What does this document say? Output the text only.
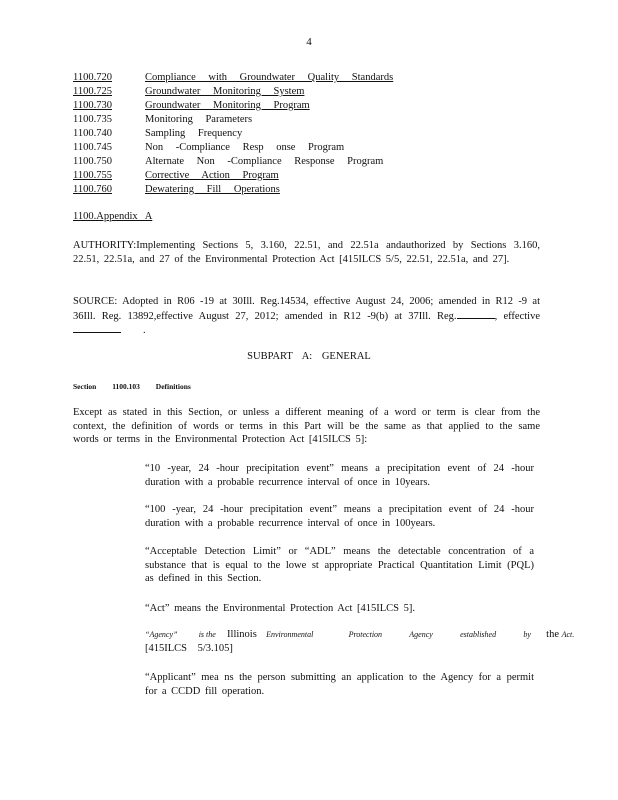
4
1100.720	Compliance with Groundwater Quality Standards
1100.725	Groundwater Monitoring System
1100.730	Groundwater Monitoring Program
1100.735	Monitoring Parameters
1100.740	Sampling Frequency
1100.745	Non -Compliance Resp onse Program
1100.750	Alternate Non -Compliance Response Program
1100.755	Corrective Action Program
1100.760	Dewatering Fill Operations
1100.Appendix A
AUTHORITY:Implementing Sections 5, 3.160, 22.51, and 22.51a andauthorized by Sections 3.160, 22.51, 22.51a, and 27 of the Environmental Protection Act [415ILCS 5/5, 22.51, 22.51a, and 27].
SOURCE: Adopted in R06 -19 at 30Ill. Reg.14534, effective August 24, 2006; amended in R12 -9 at 36Ill. Reg. 13892,effective August 27, 2012; amended in R12 -9(b) at 37Ill. Reg.	, effective.
SUBPART A: GENERAL
Section 1100.103 Definitions
Except as stated in this Section, or unless a different meaning of a word or term is clear from the context, the definition of words or terms in this Part will be the same as that applied to the same words or terms in the Environmental Protection Act [415ILCS 5]:
“10 -year, 24 -hour precipitation event” means a precipitation event of 24 -hour duration with a probable recurrence interval of once in 10years.
“100 -year, 24 -hour precipitation event” means a precipitation event of 24 -hour duration with a probable recurrence interval of once in 100years.
“Acceptable Detection Limit” or “ADL” means the detectable concentration of a substance that is equal to the lowe st appropriate Practical Quantitation Limit (PQL) as defined in this Section.
“Act” means the Environmental Protection Act [415ILCS 5].
“Agency”	is the Illinois Environmental	Protection	Agency	established	by the Act.
[415ILCS 5/3.105]
“Applicant” mea ns the person submitting an application to the Agency for a permit for a CCDD fill operation.
